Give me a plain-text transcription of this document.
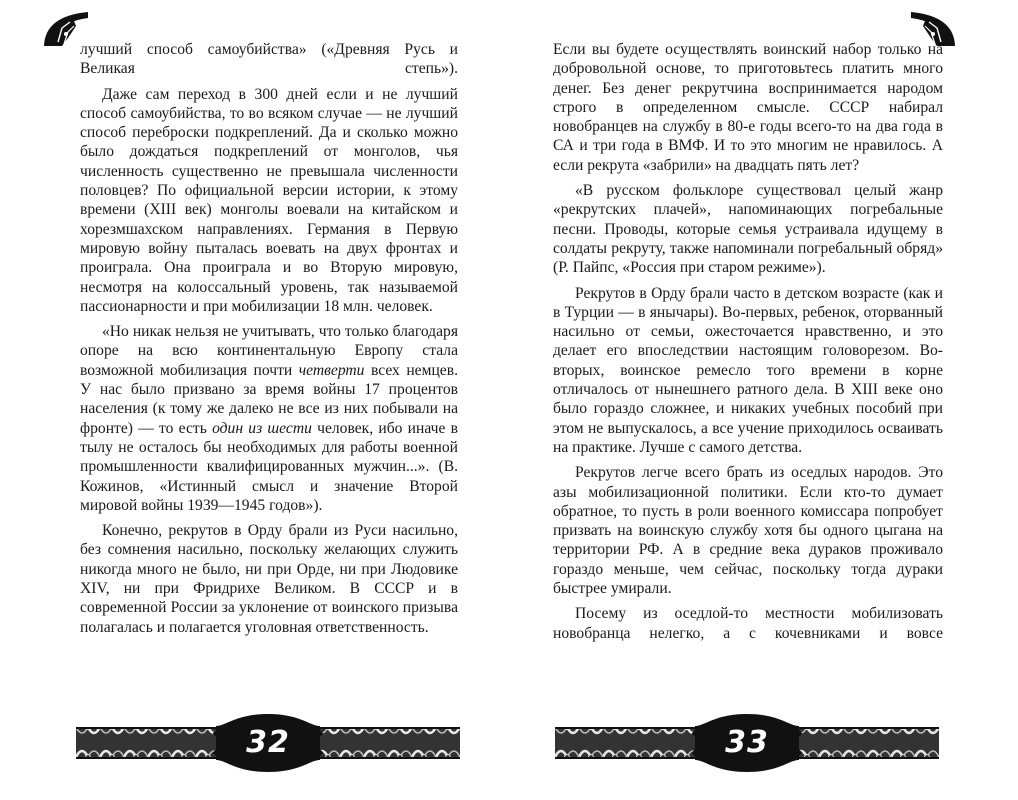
лучший способ самоубийства» («Древняя Русь и Великая степь»).

Даже сам переход в 300 дней если и не лучший способ самоубийства, то во всяком случае — не лучший способ переброски подкреплений. Да и сколько можно было дождаться подкреплений от монголов, чья численность существенно не превышала численности половцев? По официальной версии истории, к этому времени (XIII век) монголы воевали на китайском и хорезмшахском направлениях. Германия в Первую мировую войну пыталась воевать на двух фронтах и проиграла. Она проиграла и во Вторую мировую, несмотря на колоссальный уровень, так называемой пассионарности и при мобилизации 18 млн. человек.

«Но никак нельзя не учитывать, что только благодаря опоре на всю континентальную Европу стала возможной мобилизация почти четверти всех немцев. У нас было призвано за время войны 17 процентов населения (к тому же далеко не все из них побывали на фронте) — то есть один из шести человек, ибо иначе в тылу не осталось бы необходимых для работы военной промышленности квалифицированных мужчин...». (В. Кожинов, «Истинный смысл и значение Второй мировой войны 1939—1945 годов»).

Конечно, рекрутов в Орду брали из Руси насильно, без сомнения насильно, поскольку желающих служить никогда много не было, ни при Орде, ни при Людовике XIV, ни при Фридрихе Великом. В СССР и в современной России за уклонение от воинского призыва полагалась и полагается уголовная ответственность.

32

Если вы будете осуществлять воинский набор только на добровольной основе, то приготовьтесь платить много денег. Без денег рекрутчина воспринимается народом строго в определенном смысле. СССР набирал новобранцев на службу в 80-е годы всего-то на два года в СА и три года в ВМФ. И то это многим не нравилось. А если рекрута «забрили» на двадцать пять лет?

«В русском фольклоре существовал целый жанр «рекрутских плачей», напоминающих погребальные песни. Проводы, которые семья устраивала идущему в солдаты рекруту, также напоминали погребальный обряд» (Р. Пайпс, «Россия при старом режиме»).

Рекрутов в Орду брали часто в детском возрасте (как и в Турции — в янычары). Во-первых, ребенок, оторванный насильно от семьи, ожесточается нравственно, и это делает его впоследствии настоящим головорезом. Во-вторых, воинское ремесло того времени в корне отличалось от нынешнего ратного дела. В XIII веке оно было гораздо сложнее, и никаких учебных пособий при этом не выпускалось, а все учение приходилось осваивать на практике. Лучше с самого детства.

Рекрутов легче всего брать из оседлых народов. Это азы мобилизационной политики. Если кто-то думает обратное, то пусть в роли военного комиссара попробует призвать на воинскую службу хотя бы одного цыгана на территории РФ. А в средние века дураков проживало гораздо меньше, чем сейчас, поскольку тогда дураки быстрее умирали.

Посему из оседлой-то местности мобилизовать новобранца нелегко, а с кочевниками и вовсе

33
